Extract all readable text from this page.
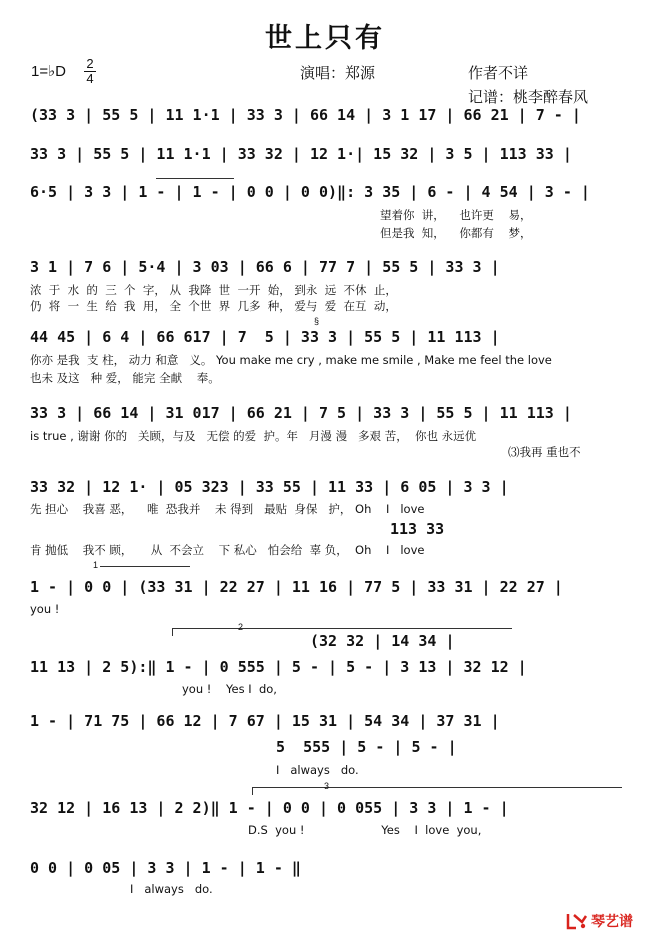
世上只有
1=♭D 2
4	演唱：郑源	作者不详
记谱：桃李醉春风
(33 3 | 55 5 | 11 1·1 | 33 3 | 66 14 | 3 1 17 | 66 21 | 7 - |
33 3 | 55 5 | 11 1·1 | 33 32 | 12 1·| 15 32 | 3 5 | 113 33 |
6·5 | 3 3 | 1 - | 1 - | 0 0 | 0 0)‖: 3 35 | 6 - | 4 54 | 3 - |
望着你  讲，    也许更    易，
但是我  知，    你都有    梦，
3 1 | 7 6 | 5·4 | 3 03 | 66 6 | 77 7 | 55 5 | 33 3 |
浓  于  水  的  三  个  字， 从  我降  世  一开  始， 到永  远  不休  止，
仍  将  一  生  给  我  用， 全  个世  界  几多  种， 爱与  爱  在互  动，
44 45 | 6 4 | 66 617 | 7  5 | 33 3 | 55 5 | 11 113 |
§
你亦 是我  支 柱， 动力 和意   义。 You make me cry , make me smile , Make me feel the love
也未 及这   种 爱， 能完 全献    奉。
33 3 | 66 14 | 31 017 | 66 21 | 7 5 | 33 3 | 55 5 | 11 113 |
is true , 谢谢 你的   关顾，与及   无偿 的爱  护。年   月漫 漫   多艰 苦，  你也 永远优
⑶我再 重也不
33 32 | 12 1· | 05 323 | 33 55 | 11 33 | 6 05 | 3 3 |
先 担心    我喜 恶，    唯  恐我并    未 得到   最贴  身保   护， Oh    I   love
113 33
肯 抛低    我不 顾，     从  不会立    下 私心   怕会给  辜 负，  Oh    I   love
1
1 - | 0 0 | (33 31 | 22 27 | 11 16 | 77 5 | 33 31 | 22 27 |
you !
2
(32 32 | 14 34 |
11 13 | 2 5):‖ 1 - | 0 555 | 5 - | 5 - | 3 13 | 32 12 |
you !    Yes I  do,
1 - | 71 75 | 66 12 | 7 67 | 15 31 | 54 34 | 37 31 |
5  555 | 5 - | 5 - |
I   always   do.
3
32 12 | 16 13 | 2 2)‖ 1 - | 0 0 | 0 055 | 3 3 | 1 - |
D.S  you !                     Yes    I  love  you,
0 0 | 0 05 | 3 3 | 1 - | 1 - ‖
I   always   do.
琴艺谱
